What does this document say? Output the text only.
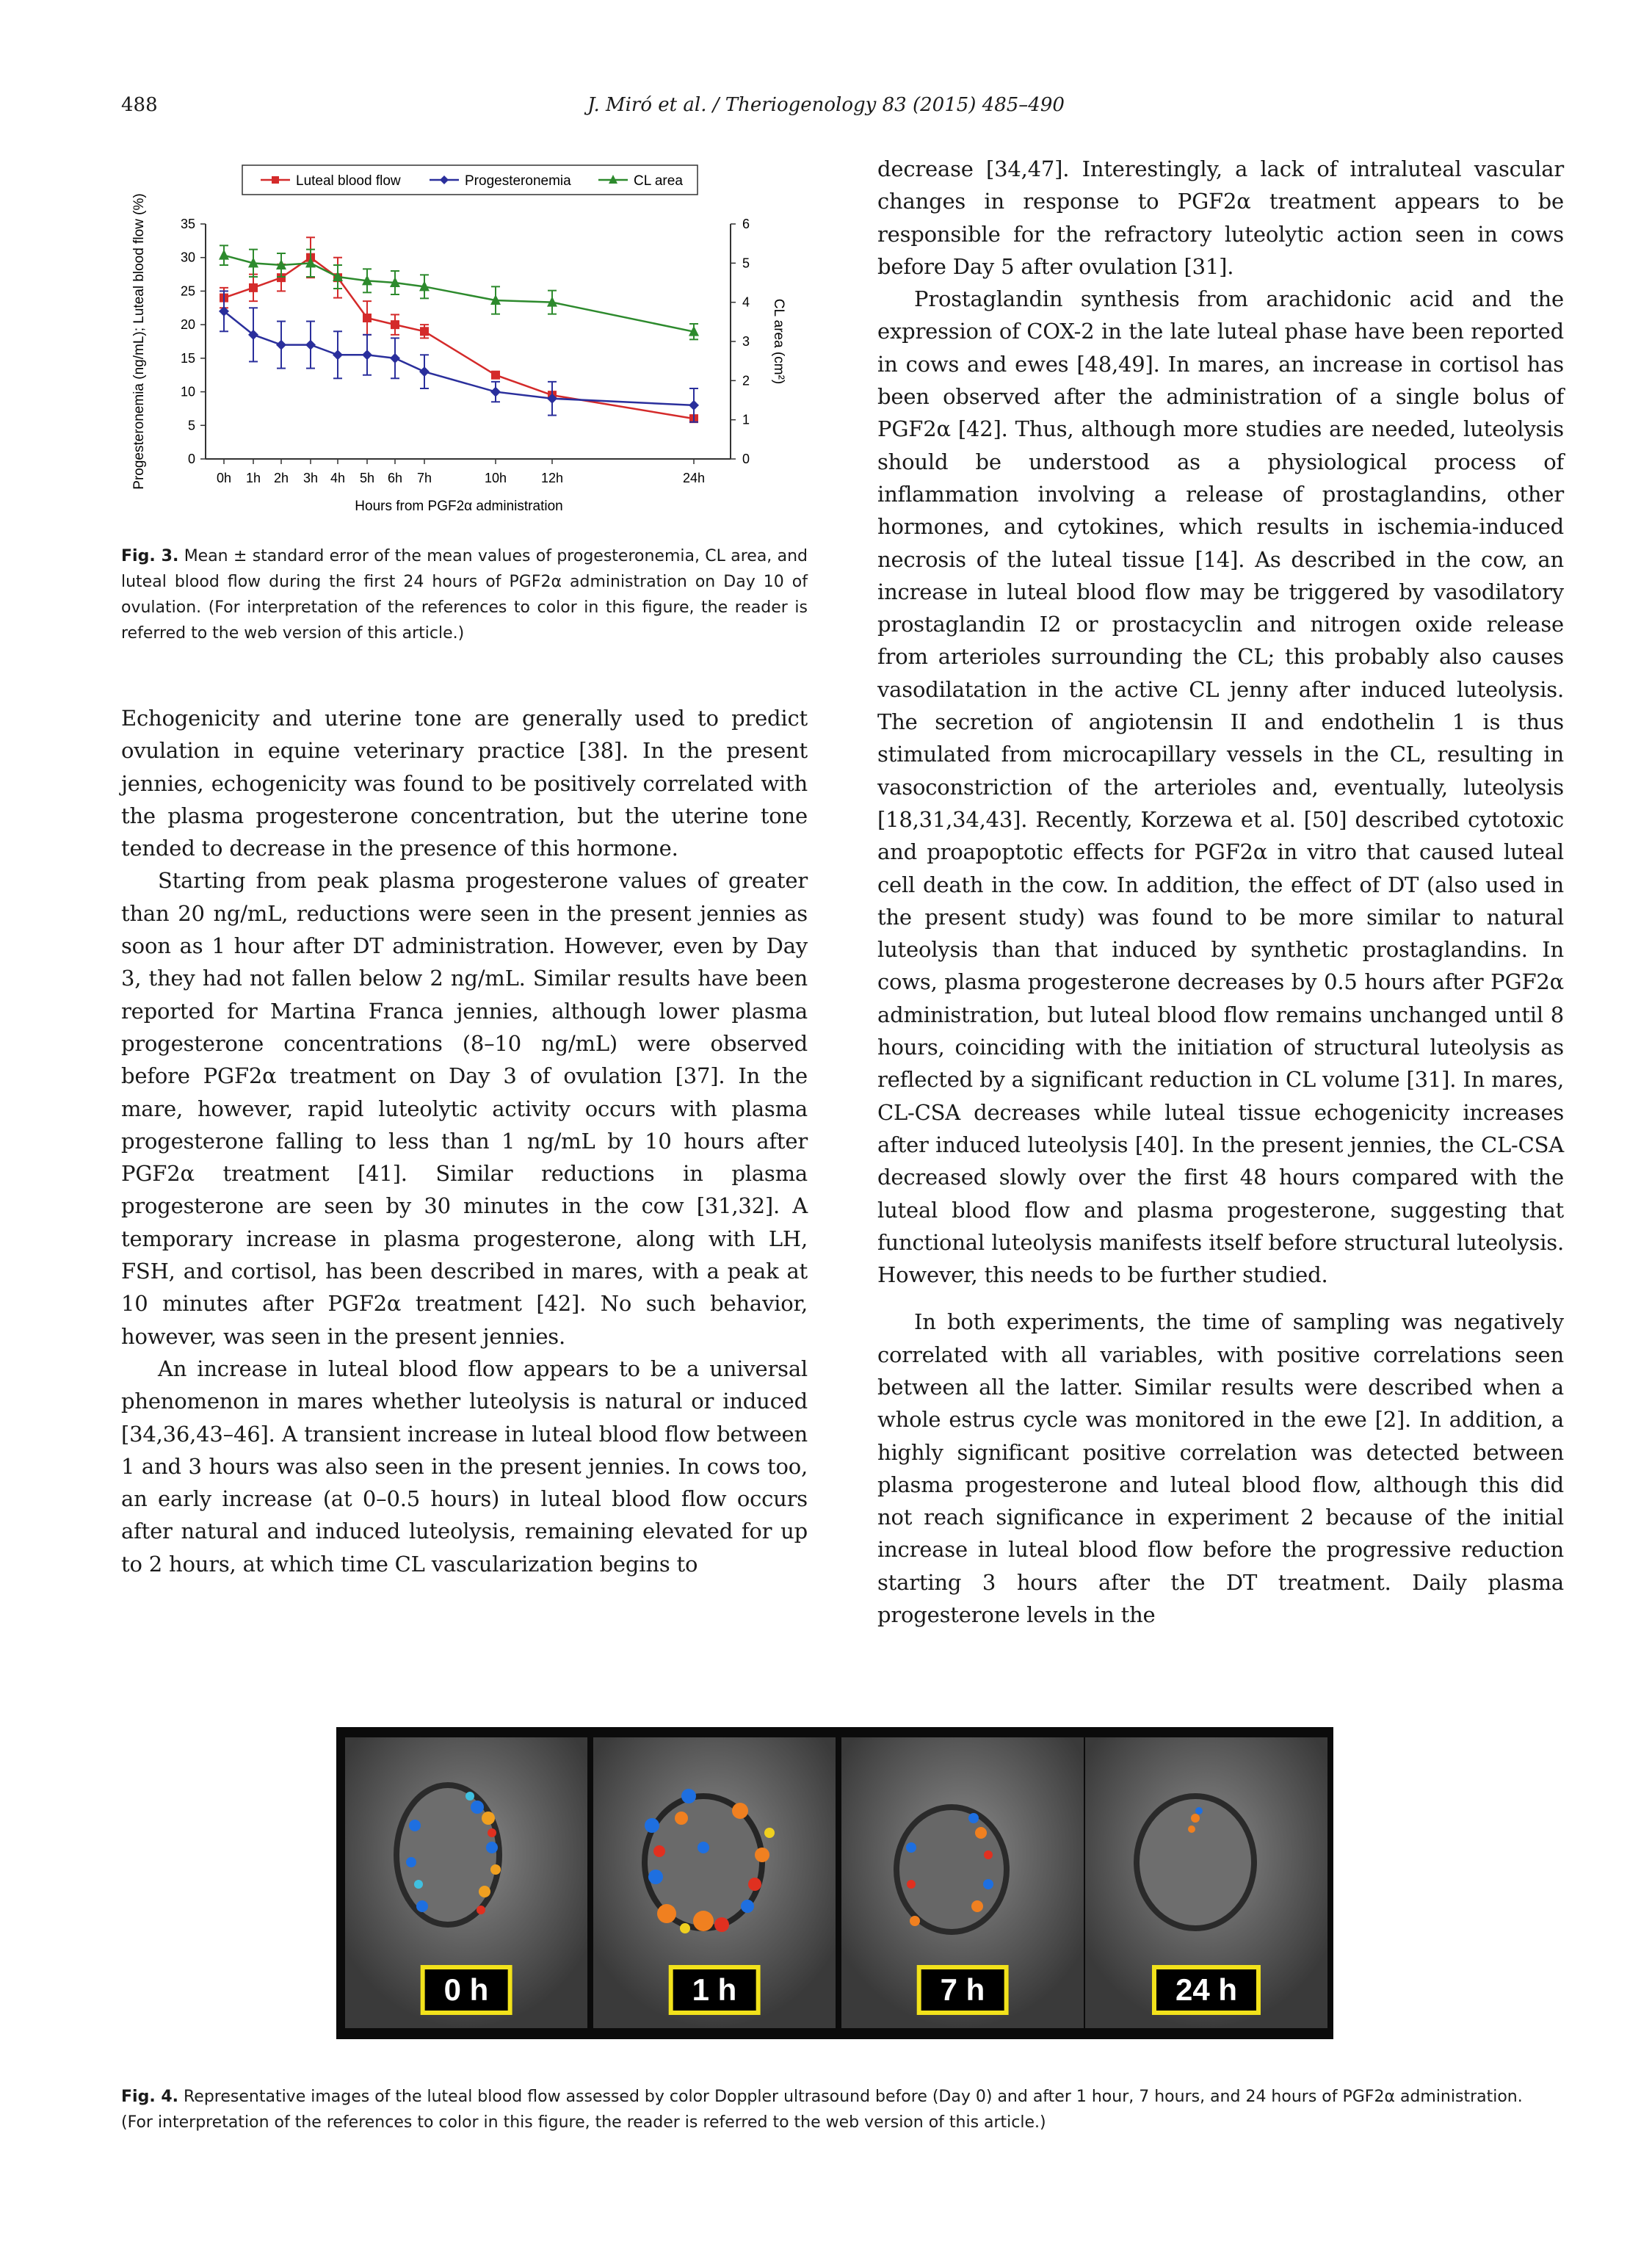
488	J. Miró et al. / Theriogenology 83 (2015) 485–490
Luteal blood flow	Progesteronemia	CL area
0
5
10
15
20
25
30
35
0
1
2
3
4
5
6
0h 1h 2h 3h 4h 5h 6h 7h	10h	12h	24h
Progesteronemia (ng/mL); Luteal blood flow (%)	CL area (cm²)
Hours from PGF2α administration
Fig. 3. Mean ± standard error of the mean values of progesteronemia, CL area, and luteal blood flow during the first 24 hours of PGF2α administration on Day 10 of ovulation. (For interpretation of the references to color in this figure, the reader is referred to the web version of this article.)

Echogenicity and uterine tone are generally used to predict ovulation in equine veterinary practice [38]. In the present jennies, echogenicity was found to be positively correlated with the plasma progesterone concentration, but the uterine tone tended to decrease in the presence of this hormone.

Starting from peak plasma progesterone values of greater than 20 ng/mL, reductions were seen in the present jennies as soon as 1 hour after DT administration. However, even by Day 3, they had not fallen below 2 ng/mL. Similar results have been reported for Martina Franca jennies, although lower plasma progesterone concentrations (8–10 ng/mL) were observed before PGF2α treatment on Day 3 of ovulation [37]. In the mare, however, rapid luteolytic activity occurs with plasma progesterone falling to less than 1 ng/mL by 10 hours after PGF2α treatment [41]. Similar reductions in plasma progesterone are seen by 30 minutes in the cow [31,32]. A temporary increase in plasma progesterone, along with LH, FSH, and cortisol, has been described in mares, with a peak at 10 minutes after PGF2α treatment [42]. No such behavior, however, was seen in the present jennies.

An increase in luteal blood flow appears to be a universal phenomenon in mares whether luteolysis is natural or induced [34,36,43–46]. A transient increase in luteal blood flow between 1 and 3 hours was also seen in the present jennies. In cows too, an early increase (at 0–0.5 hours) in luteal blood flow occurs after natural and induced luteolysis, remaining elevated for up to 2 hours, at which time CL vascularization begins to

decrease [34,47]. Interestingly, a lack of intraluteal vascular changes in response to PGF2α treatment appears to be responsible for the refractory luteolytic action seen in cows before Day 5 after ovulation [31].

Prostaglandin synthesis from arachidonic acid and the expression of COX-2 in the late luteal phase have been reported in cows and ewes [48,49]. In mares, an increase in cortisol has been observed after the administration of a single bolus of PGF2α [42]. Thus, although more studies are needed, luteolysis should be understood as a physiological process of inflammation involving a release of prostaglandins, other hormones, and cytokines, which results in ischemia-induced necrosis of the luteal tissue [14]. As described in the cow, an increase in luteal blood flow may be triggered by vasodilatory prostaglandin I2 or prostacyclin and nitrogen oxide release from arterioles surrounding the CL; this probably also causes vasodilatation in the active CL jenny after induced luteolysis. The secretion of angiotensin II and endothelin 1 is thus stimulated from microcapillary vessels in the CL, resulting in vasoconstriction of the arterioles and, eventually, luteolysis [18,31,34,43]. Recently, Korzewa et al. [50] described cytotoxic and proapoptotic effects for PGF2α in vitro that caused luteal cell death in the cow. In addition, the effect of DT (also used in the present study) was found to be more similar to natural luteolysis than that induced by synthetic prostaglandins. In cows, plasma progesterone decreases by 0.5 hours after PGF2α administration, but luteal blood flow remains unchanged until 8 hours, coinciding with the initiation of structural luteolysis as reflected by a significant reduction in CL volume [31]. In mares, CL-CSA decreases while luteal tissue echogenicity increases after induced luteolysis [40]. In the present jennies, the CL-CSA decreased slowly over the first 48 hours compared with the luteal blood flow and plasma progesterone, suggesting that functional luteolysis manifests itself before structural luteolysis. However, this needs to be further studied.

In both experiments, the time of sampling was negatively correlated with all variables, with positive correlations seen between all the latter. Similar results were described when a whole estrus cycle was monitored in the ewe [2]. In addition, a highly significant positive correlation was detected between plasma progesterone and luteal blood flow, although this did not reach significance in experiment 2 because of the initial increase in luteal blood flow before the progressive reduction starting 3 hours after the DT treatment. Daily plasma progesterone levels in the

0 h	1 h	7 h	24 h
Fig. 4. Representative images of the luteal blood flow assessed by color Doppler ultrasound before (Day 0) and after 1 hour, 7 hours, and 24 hours of PGF2α administration. (For interpretation of the references to color in this figure, the reader is referred to the web version of this article.)
